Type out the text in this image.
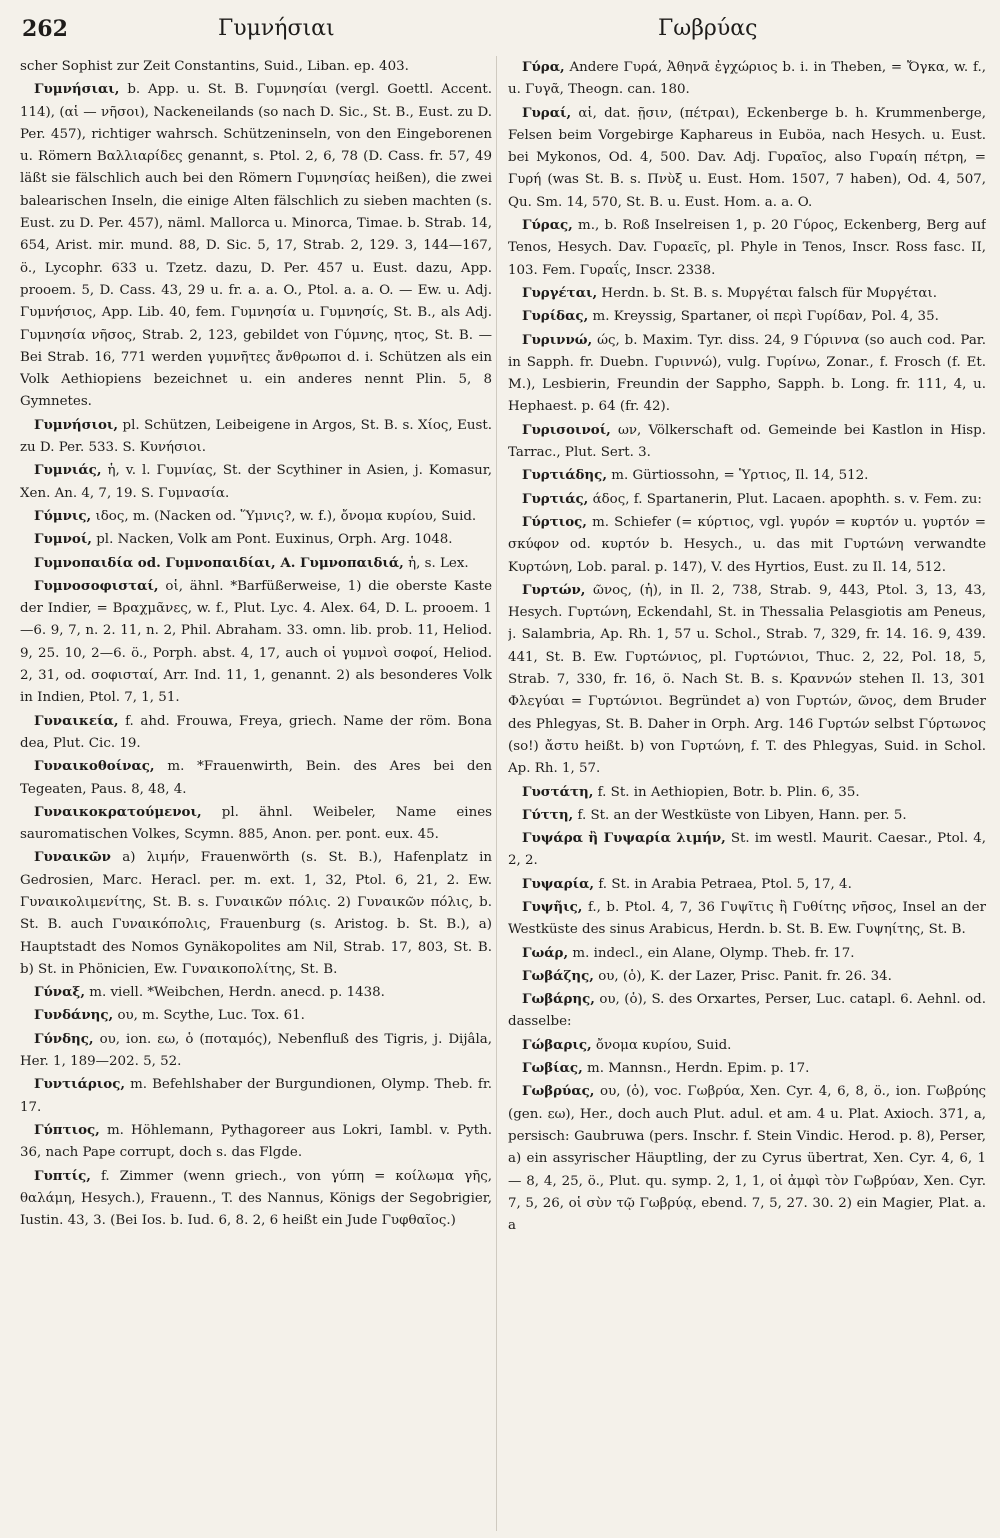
262	Γυμνήσιαι	Γωβρύας

scher Sophist zur Zeit Constantins, Suid., Liban. ep. 403.

Γυμνήσιαι, b. App. u. St. B. Γυμνησίαι (vergl. Goettl. Accent. 114), (αἱ — νῆσοι), Nackeneilands (so nach D. Sic., St. B., Eust. zu D. Per. 457), richtiger wahrsch. Schützeninseln, von den Eingeborenen u. Römern Βαλλιαρίδες genannt, s. Ptol. 2, 6, 78 (D. Cass. fr. 57, 49 läßt sie fälschlich auch bei den Römern Γυμνησίας heißen), die zwei balearischen Inseln, die einige Alten fälschlich zu sieben machten (s. Eust. zu D. Per. 457), näml. Mallorca u. Minorca, Timae. b. Strab. 14, 654, Arist. mir. mund. 88, D. Sic. 5, 17, Strab. 2, 129. 3, 144—167, ö., Lycophr. 633 u. Tzetz. dazu, D. Per. 457 u. Eust. dazu, App. prooem. 5, D. Cass. 43, 29 u. fr. a. a. O., Ptol. a. a. O. — Ew. u. Adj. Γυμνήσιος, App. Lib. 40, fem. Γυμνησία u. Γυμνησίς, St. B., als Adj. Γυμνησία νῆσος, Strab. 2, 123, gebildet von Γύμνης, ητος, St. B. — Bei Strab. 16, 771 werden γυμνῆτες ἄνθρωποι d. i. Schützen als ein Volk Aethiopiens bezeichnet u. ein anderes nennt Plin. 5, 8 Gymnetes.

Γυμνήσιοι, pl. Schützen, Leibeigene in Argos, St. B. s. Χίος, Eust. zu D. Per. 533. S. Κυνήσιοι.

Γυμνιάς, ἡ, v. l. Γυμνίας, St. der Scythiner in Asien, j. Komasur, Xen. An. 4, 7, 19. S. Γυμνασία.

Γύμνις, ιδος, m. (Nacken od. Ὕμνις?, w. f.), ὄνομα κυρίου, Suid.

Γυμνοί, pl. Nacken, Volk am Pont. Euxinus, Orph. Arg. 1048.

Γυμνοπαιδία od. Γυμνοπαιδίαι, Α. Γυμνοπαιδιά, ἡ, s. Lex.

Γυμνοσοφισταί, οἱ, ähnl. *Barfüßerweise, 1) die oberste Kaste der Indier, = Βραχμᾶνες, w. f., Plut. Lyc. 4. Alex. 64, D. L. prooem. 1—6. 9, 7, n. 2. 11, n. 2, Phil. Abraham. 33. omn. lib. prob. 11, Heliod. 9, 25. 10, 2—6. ö., Porph. abst. 4, 17, auch οἱ γυμνοὶ σοφοί, Heliod. 2, 31, od. σοφισταί, Arr. Ind. 11, 1, genannt. 2) als besonderes Volk in Indien, Ptol. 7, 1, 51.

Γυναικεία, f. ahd. Frouwa, Freya, griech. Name der röm. Bona dea, Plut. Cic. 19.

Γυναικοθοίνας, m. *Frauenwirth, Bein. des Ares bei den Tegeaten, Paus. 8, 48, 4.

Γυναικοκρατούμενοι, pl. ähnl. Weibeler, Name eines sauromatischen Volkes, Scymn. 885, Anon. per. pont. eux. 45.

Γυναικῶν a) λιμήν, Frauenwörth (s. St. B.), Hafenplatz in Gedrosien, Marc. Heracl. per. m. ext. 1, 32, Ptol. 6, 21, 2. Ew. Γυναικολιμενίτης, St. B. s. Γυναικῶν πόλις. 2) Γυναικῶν πόλις, b. St. B. auch Γυναικόπολις, Frauenburg (s. Aristog. b. St. B.), a) Hauptstadt des Nomos Gynäkopolites am Nil, Strab. 17, 803, St. B. b) St. in Phönicien, Ew. Γυναικοπολίτης, St. B.

Γύναξ, m. viell. *Weibchen, Herdn. anecd. p. 1438.

Γυνδάνης, ου, m. Scythe, Luc. Tox. 61.

Γύνδης, ου, ion. εω, ὁ (ποταμός), Nebenfluß des Tigris, j. Dijâla, Her. 1, 189—202. 5, 52.

Γυντιάριος, m. Befehlshaber der Burgundionen, Olymp. Theb. fr. 17.

Γύπτιος, m. Höhlemann, Pythagoreer aus Lokri, Iambl. v. Pyth. 36, nach Pape corrupt, doch s. das Flgde.

Γυπτίς, f. Zimmer (wenn griech., von γύπη = κοίλωμα γῆς, θαλάμη, Hesych.), Frauenn., T. des Nannus, Königs der Segobrigier, Iustin. 43, 3. (Bei Ios. b. Iud. 6, 8. 2, 6 heißt ein Jude Γυφθαῖος.)

Γύρα, Andere Γυρά, Ἀθηνᾶ ἐγχώριος b. i. in Theben, = Ὄγκα, w. f., u. Γυγᾶ, Theogn. can. 180.

Γυραί, αἱ, dat. ῇσιν, (πέτραι), Eckenberge b. h. Krummenberge, Felsen beim Vorgebirge Kaphareus in Euböa, nach Hesych. u. Eust. bei Mykonos, Od. 4, 500. Dav. Adj. Γυραῖος, also Γυραίη πέτρη, = Γυρή (was St. B. s. Πνὺξ u. Eust. Hom. 1507, 7 haben), Od. 4, 507, Qu. Sm. 14, 570, St. B. u. Eust. Hom. a. a. O.

Γύρας, m., b. Roß Inselreisen 1, p. 20 Γύρος, Eckenberg, Berg auf Tenos, Hesych. Dav. Γυραεῖς, pl. Phyle in Tenos, Inscr. Ross fasc. II, 103. Fem. Γυραΐς, Inscr. 2338.

Γυργέται, Herdn. b. St. B. s. Μυργέται falsch für Μυργέται.

Γυρίδας, m. Kreyssig, Spartaner, οἱ περὶ Γυρίδαν, Pol. 4, 35.

Γυριννώ, ώς, b. Maxim. Tyr. diss. 24, 9 Γύριννα (so auch cod. Par. in Sapph. fr. Duebn. Γυριννώ), vulg. Γυρίνω, Zonar., f. Frosch (f. Et. M.), Lesbierin, Freundin der Sappho, Sapph. b. Long. fr. 111, 4, u. Hephaest. p. 64 (fr. 42).

Γυρισοινοί, ων, Völkerschaft od. Gemeinde bei Kastlon in Hisp. Tarrac., Plut. Sert. 3.

Γυρτιάδης, m. Gürtiossohn, = Ὑρτιος, Il. 14, 512.

Γυρτιάς, άδος, f. Spartanerin, Plut. Lacaen. apophth. s. v. Fem. zu:

Γύρτιος, m. Schiefer (= κύρτιος, vgl. γυρόν = κυρτόν u. γυρτόν = σκύφον od. κυρτόν b. Hesych., u. das mit Γυρτώνη verwandte Κυρτώνη, Lob. paral. p. 147), V. des Hyrtios, Eust. zu Il. 14, 512.

Γυρτών, ῶνος, (ἡ), in Il. 2, 738, Strab. 9, 443, Ptol. 3, 13, 43, Hesych. Γυρτώνη, Eckendahl, St. in Thessalia Pelasgiotis am Peneus, j. Salambria, Ap. Rh. 1, 57 u. Schol., Strab. 7, 329, fr. 14. 16. 9, 439. 441, St. B. Ew. Γυρτώνιος, pl. Γυρτώνιοι, Thuc. 2, 22, Pol. 18, 5, Strab. 7, 330, fr. 16, ö. Nach St. B. s. Κραννών stehen Il. 13, 301 Φλεγύαι = Γυρτώνιοι. Begründet a) von Γυρτών, ῶνος, dem Bruder des Phlegyas, St. B. Daher in Orph. Arg. 146 Γυρτών selbst Γύρτωνος (so!) ἄστυ heißt. b) von Γυρτώνη, f. T. des Phlegyas, Suid. in Schol. Ap. Rh. 1, 57.

Γυστάτη, f. St. in Aethiopien, Botr. b. Plin. 6, 35.

Γύττη, f. St. an der Westküste von Libyen, Hann. per. 5.

Γυψάρα ἢ Γυψαρία λιμήν, St. im westl. Maurit. Caesar., Ptol. 4, 2, 2.

Γυψαρία, f. St. in Arabia Petraea, Ptol. 5, 17, 4.

Γυψῆις, f., b. Ptol. 4, 7, 36 Γυψῖτις ἢ Γυθίτης νῆσος, Insel an der Westküste des sinus Arabicus, Herdn. b. St. B. Ew. Γυψηίτης, St. B.

Γωάρ, m. indecl., ein Alane, Olymp. Theb. fr. 17.

Γωβάζης, ου, (ὁ), K. der Lazer, Prisc. Panit. fr. 26. 34.

Γωβάρης, ου, (ὁ), S. des Orxartes, Perser, Luc. catapl. 6. Aehnl. od. dasselbe:

Γώβαρις, ὄνομα κυρίου, Suid.

Γωβίας, m. Mannsn., Herdn. Epim. p. 17.

Γωβρύας, ου, (ὁ), voc. Γωβρύα, Xen. Cyr. 4, 6, 8, ö., ion. Γωβρύης (gen. εω), Her., doch auch Plut. adul. et am. 4 u. Plat. Axioch. 371, a, persisch: Gaubruwa (pers. Inschr. f. Stein Vindic. Herod. p. 8), Perser, a) ein assyrischer Häuptling, der zu Cyrus übertrat, Xen. Cyr. 4, 6, 1 — 8, 4, 25, ö., Plut. qu. symp. 2, 1, 1, οἱ ἀμφὶ τὸν Γωβρύαν, Xen. Cyr. 7, 5, 26, οἱ σὺν τῷ Γωβρύᾳ, ebend. 7, 5, 27. 30. 2) ein Magier, Plat. a. a
